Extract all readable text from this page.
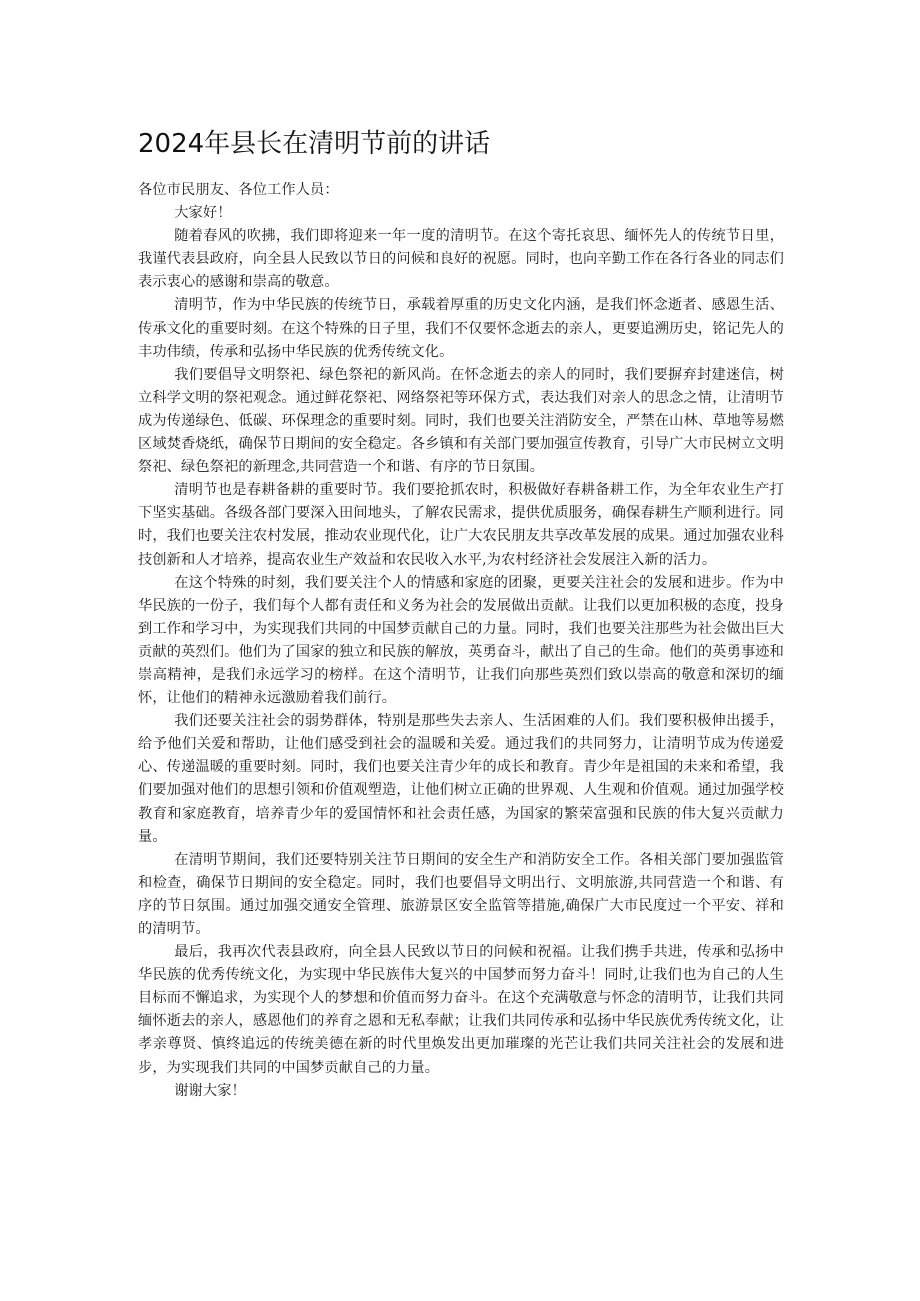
2024年县长在清明节前的讲话

各位市民朋友、各位工作人员：

大家好！

随着春风的吹拂，我们即将迎来一年一度的清明节。在这个寄托哀思、缅怀先人的传统节日里，我谨代表县政府，向全县人民致以节日的问候和良好的祝愿。同时，也向辛勤工作在各行各业的同志们表示衷心的感谢和崇高的敬意。

清明节，作为中华民族的传统节日，承载着厚重的历史文化内涵，是我们怀念逝者、感恩生活、传承文化的重要时刻。在这个特殊的日子里，我们不仅要怀念逝去的亲人，更要追溯历史，铭记先人的丰功伟绩，传承和弘扬中华民族的优秀传统文化。

我们要倡导文明祭祀、绿色祭祀的新风尚。在怀念逝去的亲人的同时，我们要摒弃封建迷信，树立科学文明的祭祀观念。通过鲜花祭祀、网络祭祀等环保方式，表达我们对亲人的思念之情，让清明节成为传递绿色、低碳、环保理念的重要时刻。同时，我们也要关注消防安全，严禁在山林、草地等易燃区域焚香烧纸，确保节日期间的安全稳定。各乡镇和有关部门要加强宣传教育，引导广大市民树立文明祭祀、绿色祭祀的新理念,共同营造一个和谐、有序的节日氛围。

清明节也是春耕备耕的重要时节。我们要抢抓农时，积极做好春耕备耕工作，为全年农业生产打下坚实基础。各级各部门要深入田间地头，了解农民需求，提供优质服务，确保春耕生产顺利进行。同时，我们也要关注农村发展，推动农业现代化，让广大农民朋友共享改革发展的成果。通过加强农业科技创新和人才培养，提高农业生产效益和农民收入水平,为农村经济社会发展注入新的活力。

在这个特殊的时刻，我们要关注个人的情感和家庭的团聚，更要关注社会的发展和进步。作为中华民族的一份子，我们每个人都有责任和义务为社会的发展做出贡献。让我们以更加积极的态度，投身到工作和学习中，为实现我们共同的中国梦贡献自己的力量。同时，我们也要关注那些为社会做出巨大贡献的英烈们。他们为了国家的独立和民族的解放，英勇奋斗，献出了自己的生命。他们的英勇事迹和崇高精神，是我们永远学习的榜样。在这个清明节，让我们向那些英烈们致以崇高的敬意和深切的缅怀，让他们的精神永远激励着我们前行。

我们还要关注社会的弱势群体，特别是那些失去亲人、生活困难的人们。我们要积极伸出援手，给予他们关爱和帮助，让他们感受到社会的温暖和关爱。通过我们的共同努力，让清明节成为传递爱心、传递温暖的重要时刻。同时，我们也要关注青少年的成长和教育。青少年是祖国的未来和希望，我们要加强对他们的思想引领和价值观塑造，让他们树立正确的世界观、人生观和价值观。通过加强学校教育和家庭教育，培养青少年的爱国情怀和社会责任感，为国家的繁荣富强和民族的伟大复兴贡献力量。

在清明节期间，我们还要特别关注节日期间的安全生产和消防安全工作。各相关部门要加强监管和检查，确保节日期间的安全稳定。同时，我们也要倡导文明出行、文明旅游,共同营造一个和谐、有序的节日氛围。通过加强交通安全管理、旅游景区安全监管等措施,确保广大市民度过一个平安、祥和的清明节。

最后，我再次代表县政府，向全县人民致以节日的问候和祝福。让我们携手共进，传承和弘扬中华民族的优秀传统文化，为实现中华民族伟大复兴的中国梦而努力奋斗！同时,让我们也为自己的人生目标而不懈追求，为实现个人的梦想和价值而努力奋斗。在这个充满敬意与怀念的清明节，让我们共同缅怀逝去的亲人，感恩他们的养育之恩和无私奉献；让我们共同传承和弘扬中华民族优秀传统文化，让孝亲尊贤、慎终追远的传统美德在新的时代里焕发出更加璀璨的光芒让我们共同关注社会的发展和进步，为实现我们共同的中国梦贡献自己的力量。

谢谢大家！
